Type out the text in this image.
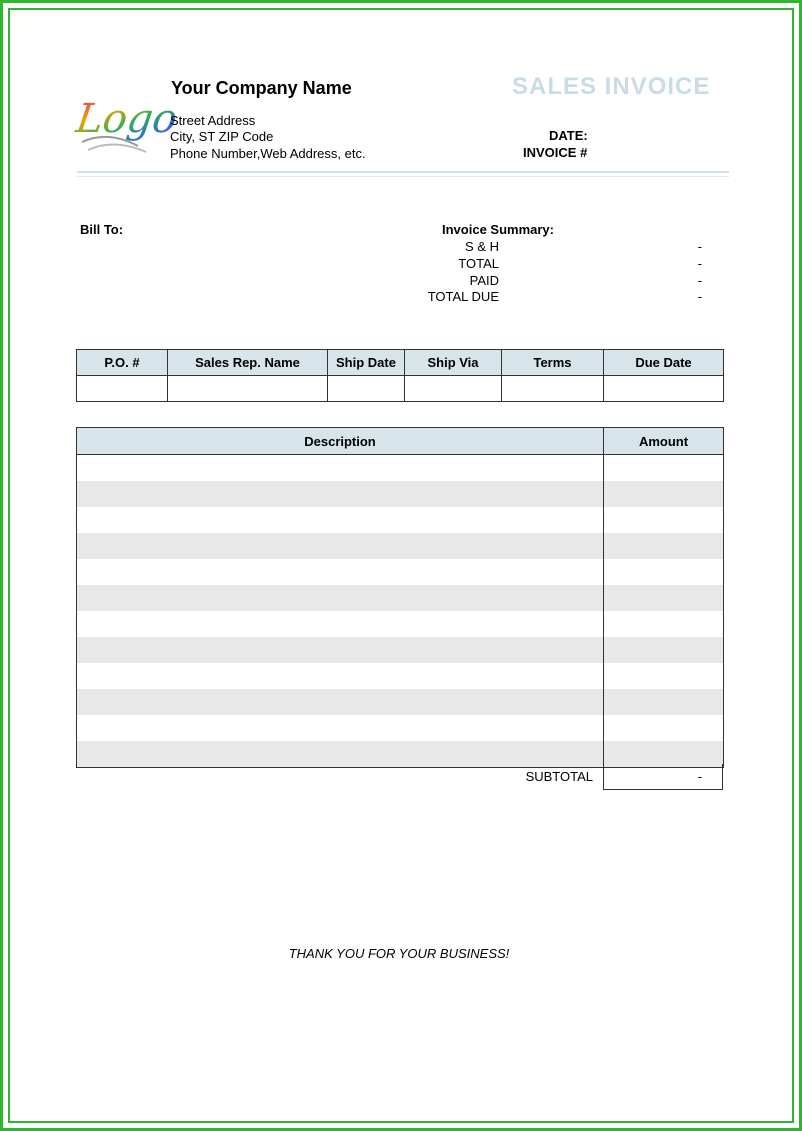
Logo
Your Company Name
Street Address
City, ST ZIP Code
Phone Number,Web Address, etc.
SALES INVOICE
DATE:
INVOICE #
Bill To:	Invoice Summary:
S & H	-
TOTAL	-
PAID	-
TOTAL DUE	-
P.O. #	Sales Rep. Name	Ship Date	Ship Via	Terms	Due Date

Description	Amount

SUBTOTAL	-
THANK YOU FOR YOUR BUSINESS!
